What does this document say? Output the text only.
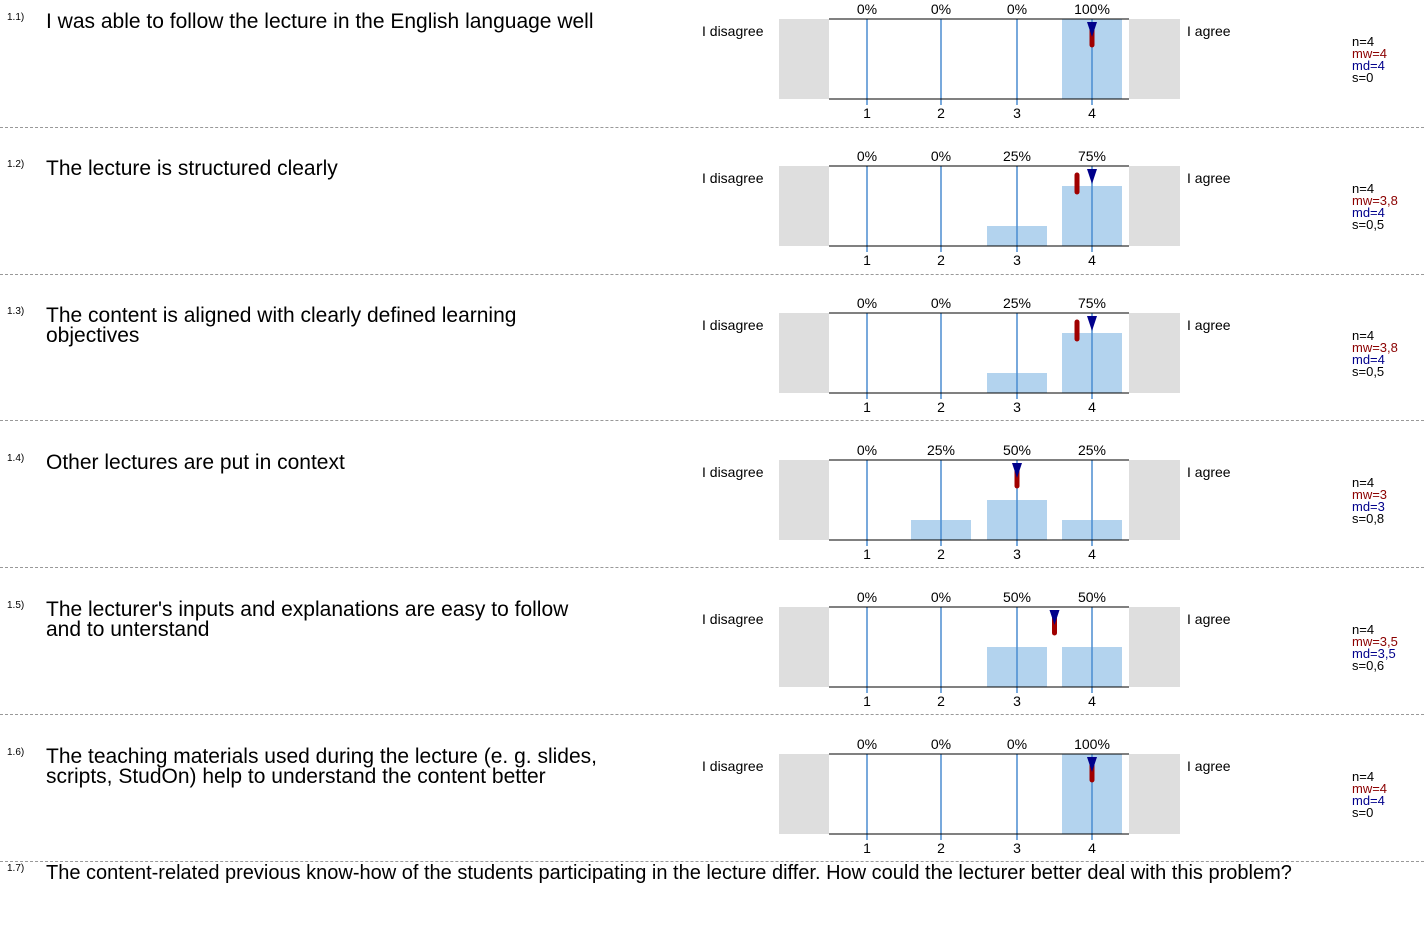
1.1) I was able to follow the lecture in the English language well	I disagree	I agree
n=4
mw=4
md=4
s=0
0%	0%	0%	100%
1	2	3	4
1.2) The lecture is structured clearly	I disagree	I agree
n=4
mw=3,8
md=4
s=0,5
0%	0%	25%	75%
1	2	3	4
1.3) The content is aligned with clearly defined learning objectives	I disagree	I agree
n=4
mw=3,8
md=4
s=0,5
0%	0%	25%	75%
1	2	3	4
1.4) Other lectures are put in context	I disagree	I agree
n=4
mw=3
md=3
s=0,8
0%	25%	50%	25%
1	2	3	4
1.5) The lecturer's inputs and explanations are easy to follow and to unterstand	I disagree	I agree
n=4
mw=3,5
md=3,5
s=0,6
0%	0%	50%	50%
1	2	3	4
1.6) The teaching materials used during the lecture (e. g. slides, scripts, StudOn) help to understand the content better	I disagree	I agree
n=4
mw=4
md=4
s=0
0%	0%	0%	100%
1	2	3	4
1.7) The content-related previous know-how of the students participating in the lecture differ. How could the lecturer better deal with this problem?
